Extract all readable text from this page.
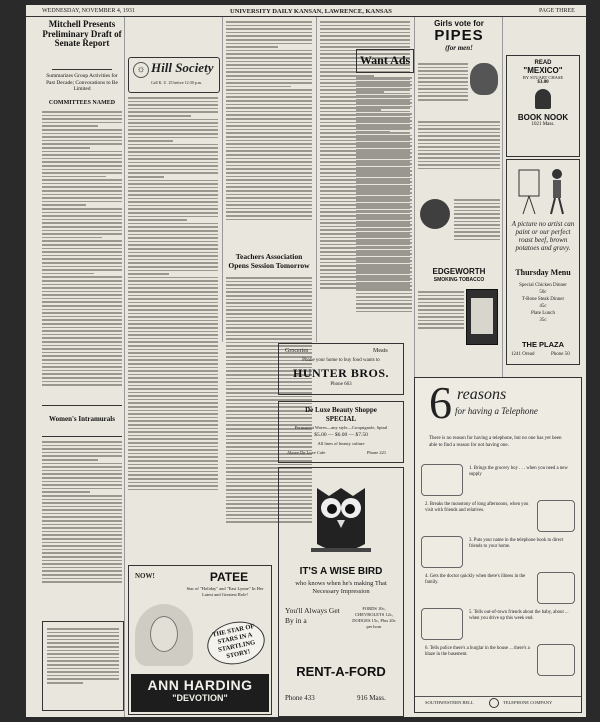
WEDNESDAY, NOVEMBER 4, 1931	UNIVERSITY DAILY KANSAN, LAWRENCE, KANSAS	PAGE THREE
Mitchell Presents Preliminary Draft of Senate Report
Summarizes Group Activities for Past Decade; Convocations to Be Limited
COMMITTEES NAMED
Women's Intramurals
☼ Hill Society
Call K. U. 25 before 12:30 p.m.
Teachers Association Opens Session Tomorrow
Want Ads
Girls vote for
PIPES
(for men!
EDGEWORTH
SMOKING TOBACCO
READ
"MEXICO"
BY STUART CHASE
$3.00
BOOK NOOK
1021 Mass.
A picture no artist can paint or our perfect roast beef, brown potatoes and gravy.
Thursday Menu
Special Chicken Dinner
50c
T-Bone Steak Dinner
45c
Plate Lunch
35c
THE PLAZA
1241 Oread	Phone 50
Groceries	Meats
Phone your home to buy food wants to
HUNTER BROS.
Phone 663
De Luxe Beauty Shoppe
SPECIAL
Permanent Waves—any style—Croquignole, Spiral
$5.00 — $6.00 — $7.50
All lines of beauty culture
Above De Luxe Cafe	Phone 221
NOW!	PATEE
Star of "Holiday" and "East Lynne" In Her Latest and Greatest Role!
THE STAR OF STARS IN A STARTLING STORY!
ANN HARDING
"DEVOTION"
IT'S A WISE BIRD
who knows when he's making That Necessary Impression
You'll Always Get By in a
FORDS 10c, CHEVROLETS 12c, DODGES 15c, Plus 20c per hour
RENT-A-FORD
Phone 433	916 Mass.
6 reasons
for having a Telephone
There is no reason for having a telephone, but no one has yet been able to find a reason for not having one.
1. Brings the grocery boy . . . when you need a new supply
2. Breaks the monotony of long afternoons, when you visit with friends and relatives.
3. Puts your name in the telephone book to direct friends to your home.
4. Gets the doctor quickly when there's illness in the family.
5. Tells out-of-town friends about the baby, about ... when you drive up this week end.
6. Tells police there's a burglar in the house ... there's a blaze in the basement.
SOUTHWESTERN BELL	TELEPHONE COMPANY
